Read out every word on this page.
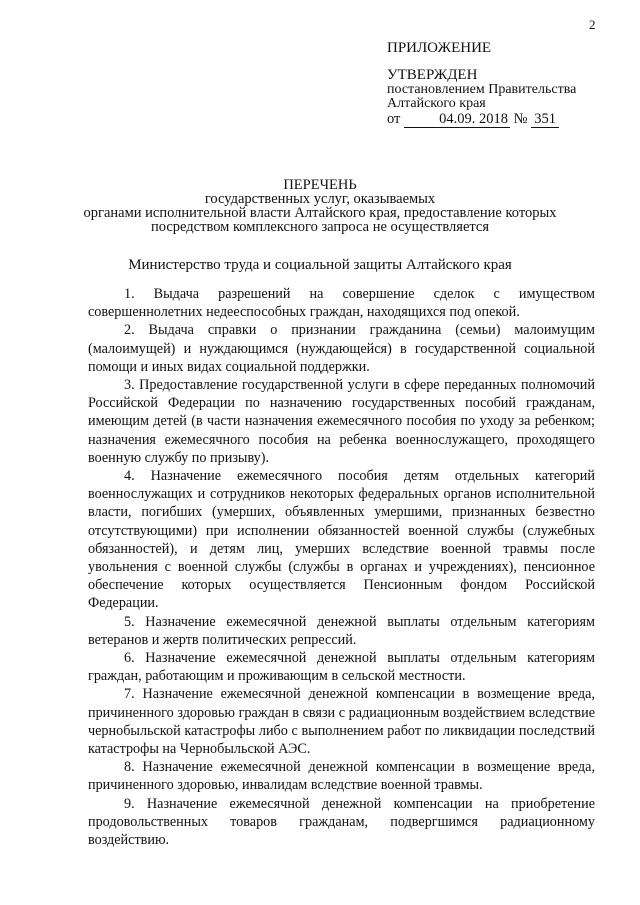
2
ПРИЛОЖЕНИЕ
УТВЕРЖДЕН
постановлением Правительства
Алтайского края
от	04.09. 2018 № 351
ПЕРЕЧЕНЬ
государственных услуг, оказываемых
органами исполнительной власти Алтайского края, предоставление которых
посредством комплексного запроса не осуществляется
Министерство труда и социальной защиты Алтайского края

1. Выдача разрешений на совершение сделок с имуществом совершеннолетних недееспособных граждан, находящихся под опекой.

2. Выдача справки о признании гражданина (семьи) малоимущим (малоимущей) и нуждающимся (нуждающейся) в государственной социальной помощи и иных видах социальной поддержки.

3. Предоставление государственной услуги в сфере переданных полномочий Российской Федерации по назначению государственных пособий гражданам, имеющим детей (в части назначения ежемесячного пособия по уходу за ребенком; назначения ежемесячного пособия на ребенка военнослужащего, проходящего военную службу по призыву).

4. Назначение ежемесячного пособия детям отдельных категорий военнослужащих и сотрудников некоторых федеральных органов исполнительной власти, погибших (умерших, объявленных умершими, признанных безвестно отсутствующими) при исполнении обязанностей военной службы (служебных обязанностей), и детям лиц, умерших вследствие военной травмы после увольнения с военной службы (службы в органах и учреждениях), пенсионное обеспечение которых осуществляется Пенсионным фондом Российской Федерации.

5. Назначение ежемесячной денежной выплаты отдельным категориям ветеранов и жертв политических репрессий.

6. Назначение ежемесячной денежной выплаты отдельным категориям граждан, работающим и проживающим в сельской местности.

7. Назначение ежемесячной денежной компенсации в возмещение вреда, причиненного здоровью граждан в связи с радиационным воздействием вследствие чернобыльской катастрофы либо с выполнением работ по ликвидации последствий катастрофы на Чернобыльской АЭС.

8. Назначение ежемесячной денежной компенсации в возмещение вреда, причиненного здоровью, инвалидам вследствие военной травмы.

9. Назначение ежемесячной денежной компенсации на приобретение продовольственных товаров гражданам, подвергшимся радиационному воздействию.
